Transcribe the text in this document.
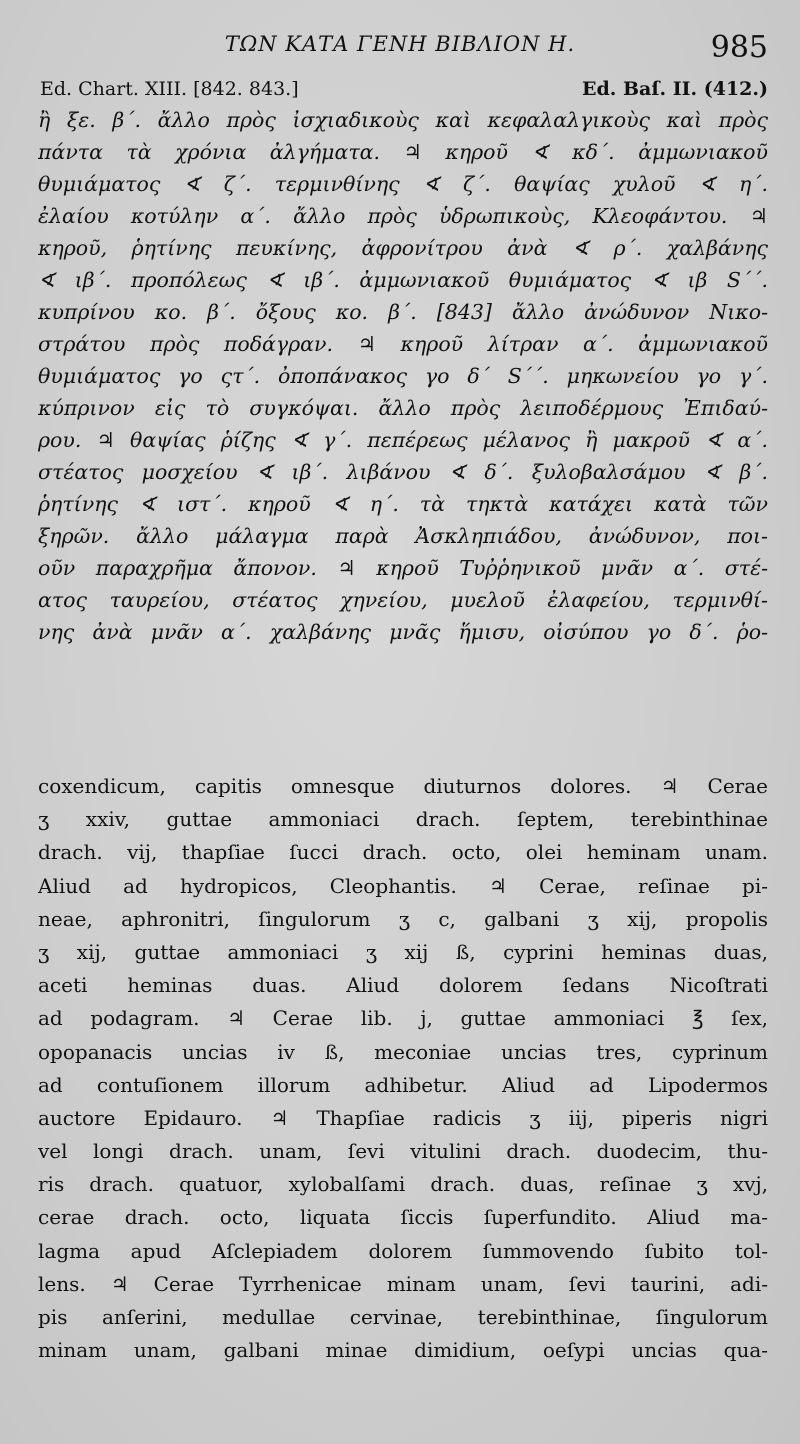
ΤΩΝ ΚΑΤΑ ΓΕΝΗ ΒΙΒΛΙΟΝ Η.	985
Ed. Chart. XIII. [842. 843.]	Ed. Baſ. II. (412.)
ἢ ξε. β΄. ἄλλο πρὸς ἰσχιαδικοὺς καὶ κεφαλαλγικοὺς καὶ πρὸς
πάντα τὰ χρόνια ἀλγήματα. ♃ κηροῦ ∢ κδ΄. ἀμμωνιακοῦ
θυμιάματος ∢ ζ΄. τερμινθίνης ∢ ζ΄. θαψίας χυλοῦ ∢ η΄.
ἐλαίου κοτύλην α΄. ἄλλο πρὸς ὑδρωπικοὺς, Κλεοφάντου. ♃
κηροῦ, ῥητίνης πευκίνης, ἀφρονίτρου ἀνὰ ∢ ρ΄. χαλβάνης
∢ ιβ΄. προπόλεως ∢ ιβ΄. ἀμμωνιακοῦ θυμιάματος ∢ ιβ S΄΄.
κυπρίνου κο. β΄. ὄξους κο. β΄. [843] ἄλλο ἀνώδυνον Νικο-
στράτου πρὸς ποδάγραν. ♃ κηροῦ λίτραν α΄. ἀμμωνιακοῦ
θυμιάματος γο ςτ΄. ὀποπάνακος γο δ΄ S΄΄. μηκωνείου γο γ΄.
κύπρινον εἰς τὸ συγκόψαι. ἄλλο πρὸς λειποδέρμους Ἐπιδαύ-
ρου. ♃ θαψίας ῥίζης ∢ γ΄. πεπέρεως μέλανος ἢ μακροῦ ∢ α΄.
στέατος μοσχείου ∢ ιβ΄. λιβάνου ∢ δ΄. ξυλοβαλσάμου ∢ β΄.
ῥητίνης ∢ ιστ΄. κηροῦ ∢ η΄. τὰ τηκτὰ κατάχει κατὰ τῶν
ξηρῶν. ἄλλο μάλαγμα παρὰ Ἀσκληπιάδου, ἀνώδυνον, ποι-
οῦν παραχρῆμα ἄπονον. ♃ κηροῦ Τυῤῥηνικοῦ μνᾶν α΄. στέ-
ατος ταυρείου, στέατος χηνείου, μυελοῦ ἐλαφείου, τερμινθί-
νης ἀνὰ μνᾶν α΄. χαλβάνης μνᾶς ἥμισυ, οἰσύπου γο δ΄. ῥο-
coxendicum, capitis omnesque diuturnos dolores. ♃ Cerae
ʒ xxiv, guttae ammoniaci drach. ſeptem, terebinthinae
drach. vij, thapſiae ſucci drach. octo, olei heminam unam.
Aliud ad hydropicos, Cleophantis. ♃ Cerae, reſinae pi-
neae, aphronitri, ſingulorum ʒ c, galbani ʒ xij, propolis
ʒ xij, guttae ammoniaci ʒ xij ß, cyprini heminas duas,
aceti heminas duas. Aliud dolorem ſedans Nicoſtrati
ad podagram. ♃ Cerae lib. j, guttae ammoniaci ℥ ſex,
opopanacis uncias iv ß, meconiae uncias tres, cyprinum
ad contuſionem illorum adhibetur. Aliud ad Lipodermos
auctore Epidauro. ♃ Thapſiae radicis ʒ iij, piperis nigri
vel longi drach. unam, ſevi vitulini drach. duodecim, thu-
ris drach. quatuor, xylobalſami drach. duas, reſinae ʒ xvj,
cerae drach. octo, liquata ſiccis ſuperfundito. Aliud ma-
lagma apud Aſclepiadem dolorem ſummovendo ſubito tol-
lens. ♃ Cerae Tyrrhenicae minam unam, ſevi taurini, adi-
pis anſerini, medullae cervinae, terebinthinae, ſingulorum
minam unam, galbani minae dimidium, oeſypi uncias qua-
